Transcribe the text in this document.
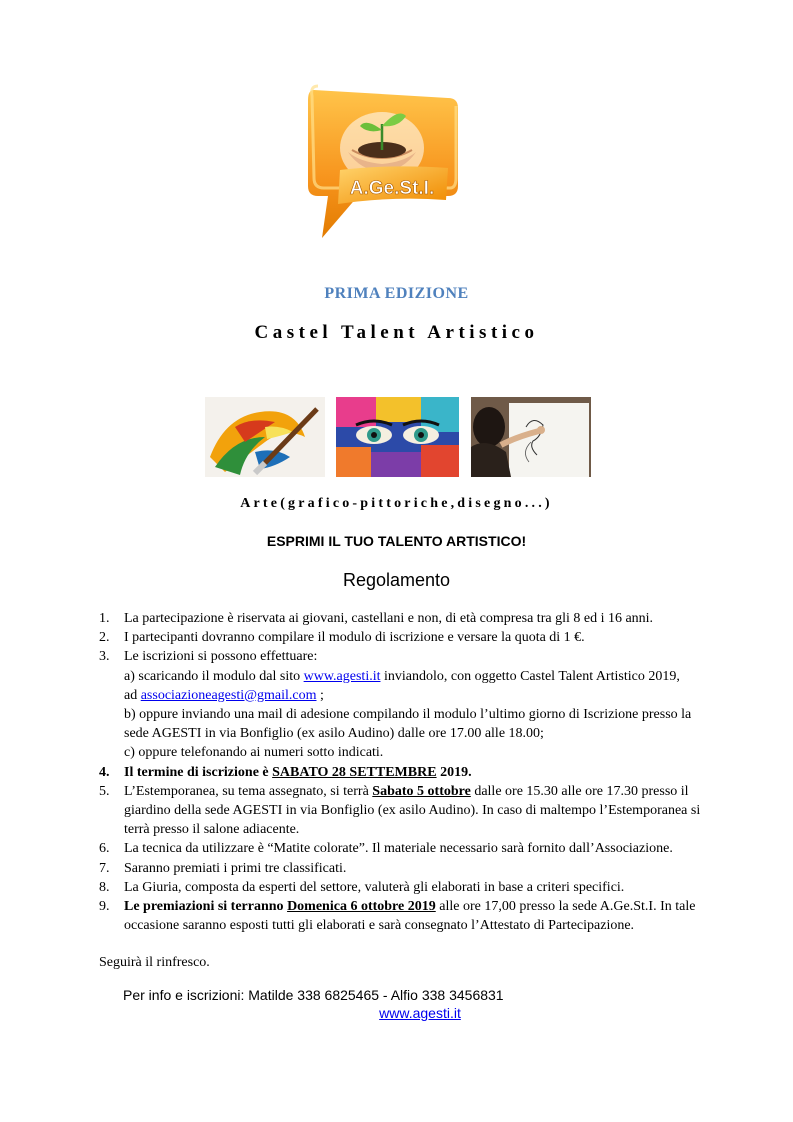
A.Ge.St.I.
PRIMA EDIZIONE
Castel Talent Artistico
Arte(grafico-pittoriche,disegno...)
ESPRIMI IL TUO TALENTO ARTISTICO!
Regolamento
1. La partecipazione è riservata ai giovani, castellani e non, di età compresa tra gli 8 ed i 16 anni.
2. I partecipanti dovranno compilare il modulo di iscrizione e versare la quota di 1 €.
3. Le iscrizioni si possono effettuare:
a) scaricando il modulo dal sito www.agesti.it inviandolo, con oggetto Castel Talent Artistico 2019,
ad associazioneagesti@gmail.com ;
b) oppure inviando una mail di adesione compilando il modulo l’ultimo giorno di Iscrizione presso la sede AGESTI in via Bonfiglio (ex asilo Audino) dalle ore 17.00 alle 18.00;
c) oppure telefonando ai numeri sotto indicati.
4. Il termine di iscrizione è SABATO 28 SETTEMBRE 2019.
5. L’Estemporanea, su tema assegnato, si terrà Sabato 5 ottobre dalle ore 15.30 alle ore 17.30 presso il giardino della sede AGESTI in via Bonfiglio (ex asilo Audino). In caso di maltempo l’Estemporanea si terrà presso il salone adiacente.
6. La tecnica da utilizzare è “Matite colorate”. Il materiale necessario sarà fornito dall’Associazione.
7. Saranno premiati i primi tre classificati.
8. La Giuria, composta da esperti del settore, valuterà gli elaborati in base a criteri specifici.
9. Le premiazioni si terranno Domenica 6 ottobre 2019 alle ore 17,00 presso la sede A.Ge.St.I. In tale occasione saranno esposti tutti gli elaborati e sarà consegnato l’Attestato di Partecipazione.
Seguirà il rinfresco.
Per info e iscrizioni: Matilde 338 6825465 - Alfio 338 3456831
www.agesti.it
